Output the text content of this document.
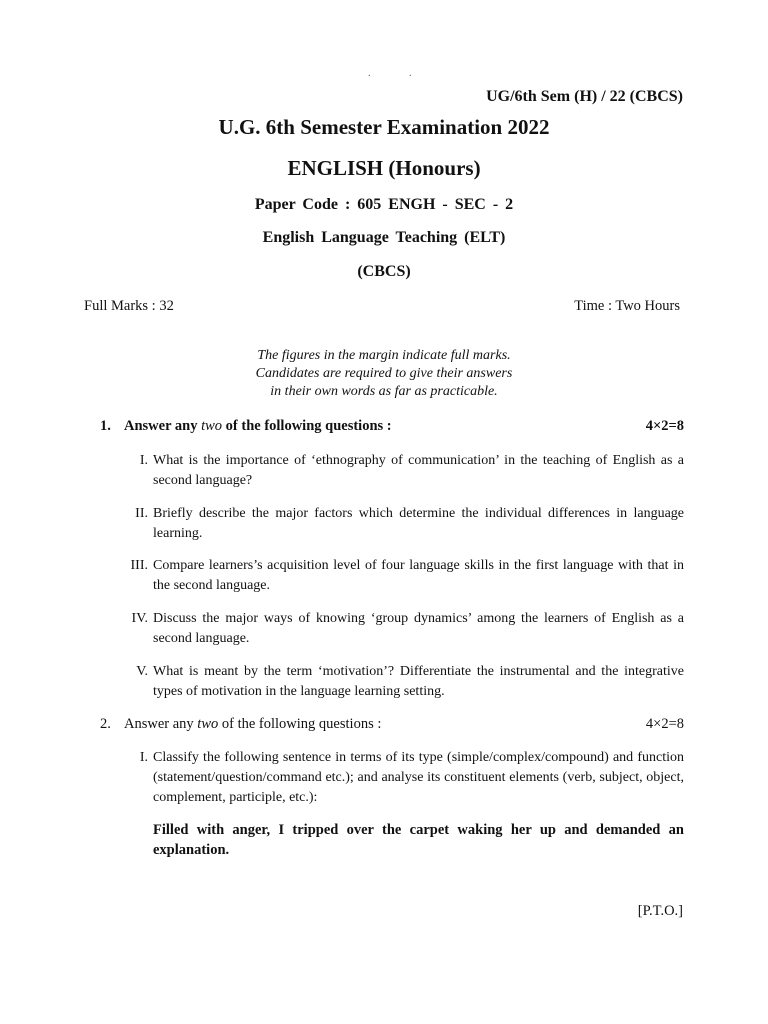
. .
UG/6th Sem (H) / 22 (CBCS)
U.G. 6th Semester Examination 2022
ENGLISH (Honours)
Paper Code : 605 ENGH - SEC - 2
English Language Teaching (ELT)
(CBCS)
Full Marks : 32	Time : Two Hours
The figures in the margin indicate full marks.
Candidates are required to give their answers
in their own words as far as practicable.
1. Answer any two of the following questions :	4×2=8
I. What is the importance of ‘ethnography of communication’ in the teaching of English as a second language?
II. Briefly describe the major factors which determine the individual differences in language learning.
III. Compare learners’s acquisition level of four language skills in the first language with that in the second language.
IV. Discuss the major ways of knowing ‘group dynamics’ among the learners of English as a second language.
V. What is meant by the term ‘motivation’? Differentiate the instrumental and the integrative types of motivation in the language learning setting.
2. Answer any two of the following questions :	4×2=8
I. Classify the following sentence in terms of its type (simple/complex/compound) and function (statement/question/command etc.); and analyse its constituent elements (verb, subject, object, complement, participle, etc.):
Filled with anger, I tripped over the carpet waking her up and demanded an explanation.
[P.T.O.]
